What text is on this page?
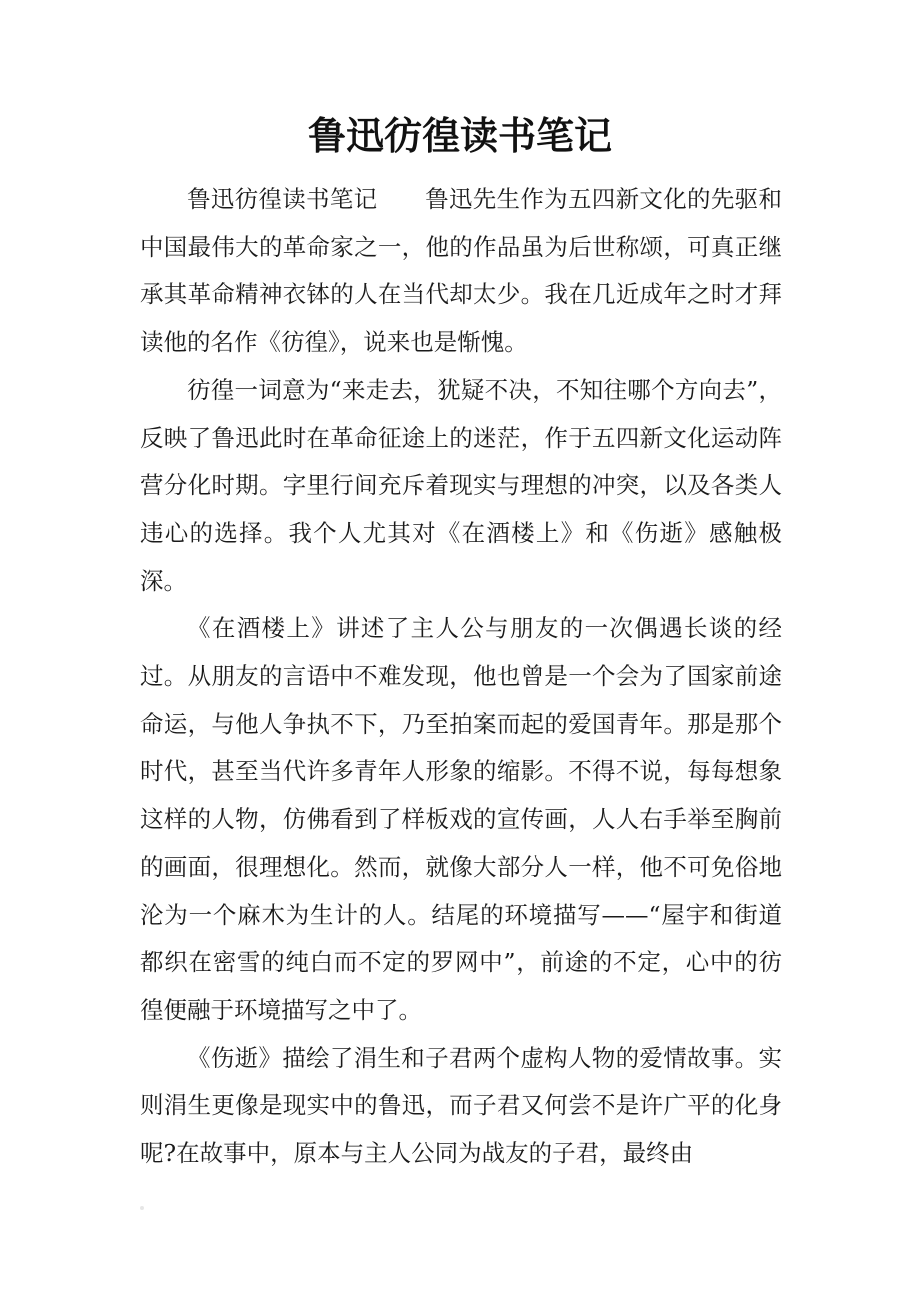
鲁迅彷徨读书笔记

鲁迅彷徨读书笔记　　鲁迅先生作为五四新文化的先驱和中国最伟大的革命家之一，他的作品虽为后世称颂，可真正继承其革命精神衣钵的人在当代却太少。我在几近成年之时才拜读他的名作《彷徨》，说来也是惭愧。

彷徨一词意为“来走去，犹疑不决，不知往哪个方向去”，反映了鲁迅此时在革命征途上的迷茫，作于五四新文化运动阵营分化时期。字里行间充斥着现实与理想的冲突，以及各类人违心的选择。我个人尤其对《在酒楼上》和《伤逝》感触极深。

《在酒楼上》讲述了主人公与朋友的一次偶遇长谈的经过。从朋友的言语中不难发现，他也曾是一个会为了国家前途命运，与他人争执不下，乃至拍案而起的爱国青年。那是那个时代，甚至当代许多青年人形象的缩影。不得不说，每每想象这样的人物，仿佛看到了样板戏的宣传画，人人右手举至胸前的画面，很理想化。然而，就像大部分人一样，他不可免俗地沦为一个麻木为生计的人。结尾的环境描写——“屋宇和街道都织在密雪的纯白而不定的罗网中”，前途的不定，心中的彷徨便融于环境描写之中了。

《伤逝》描绘了涓生和子君两个虚构人物的爱情故事。实则涓生更像是现实中的鲁迅，而子君又何尝不是许广平的化身呢?在故事中，原本与主人公同为战友的子君，最终由
